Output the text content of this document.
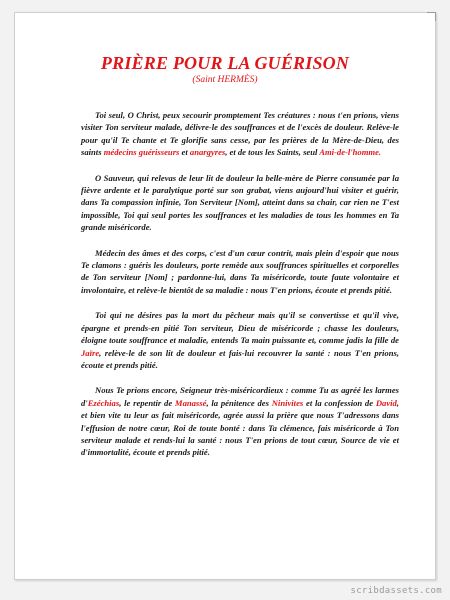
PRIÈRE POUR LA GUÉRISON

(Saint HERMÈS)

Toi seul, O Christ, peux secourir promptement Tes créatures : nous t'en prions, viens visiter Ton serviteur malade, délivre-le des souffrances et de l'excès de douleur. Relève-le pour qu'il Te chante et Te glorifie sans cesse, par les prières de la Mère-de-Dieu, des saints médecins guérisseurs et anargyres, et de tous les Saints, seul Ami-de-l'homme.

O Sauveur, qui relevas de leur lit de douleur la belle-mère de Pierre consumée par la fièvre ardente et le paralytique porté sur son grabat, viens aujourd'hui visiter et guérir, dans Ta compassion infinie, Ton Serviteur [Nom], atteint dans sa chair, car rien ne T'est impossible, Toi qui seul portes les souffrances et les maladies de tous les hommes en Ta grande miséricorde.

Médecin des âmes et des corps, c'est d'un cœur contrit, mais plein d'espoir que nous Te clamons : guéris les douleurs, porte remède aux souffrances spirituelles et corporelles de Ton serviteur [Nom] ; pardonne-lui, dans Ta miséricorde, toute faute volontaire et involontaire, et relève-le bientôt de sa maladie : nous T'en prions, écoute et prends pitié.

Toi qui ne désires pas la mort du pêcheur mais qu'il se convertisse et qu'il vive, épargne et prends-en pitié Ton serviteur, Dieu de miséricorde ; chasse les douleurs, éloigne toute souffrance et maladie, entends Ta main puissante et, comme jadis la fille de Jaïre, relève-le de son lit de douleur et fais-lui recouvrer la santé : nous T'en prions, écoute et prends pitié.

Nous Te prions encore, Seigneur très-miséricordieux : comme Tu as agréé les larmes d'Ezéchias, le repentir de Manassé, la pénitence des Ninivites et la confession de David, et bien vite tu leur as fait miséricorde, agrée aussi la prière que nous T'adressons dans l'effusion de notre cœur, Roi de toute bonté : dans Ta clémence, fais miséricorde à Ton serviteur malade et rends-lui la santé : nous T'en prions de tout cœur, Source de vie et d'immortalité, écoute et prends pitié.

scribdassets.com
